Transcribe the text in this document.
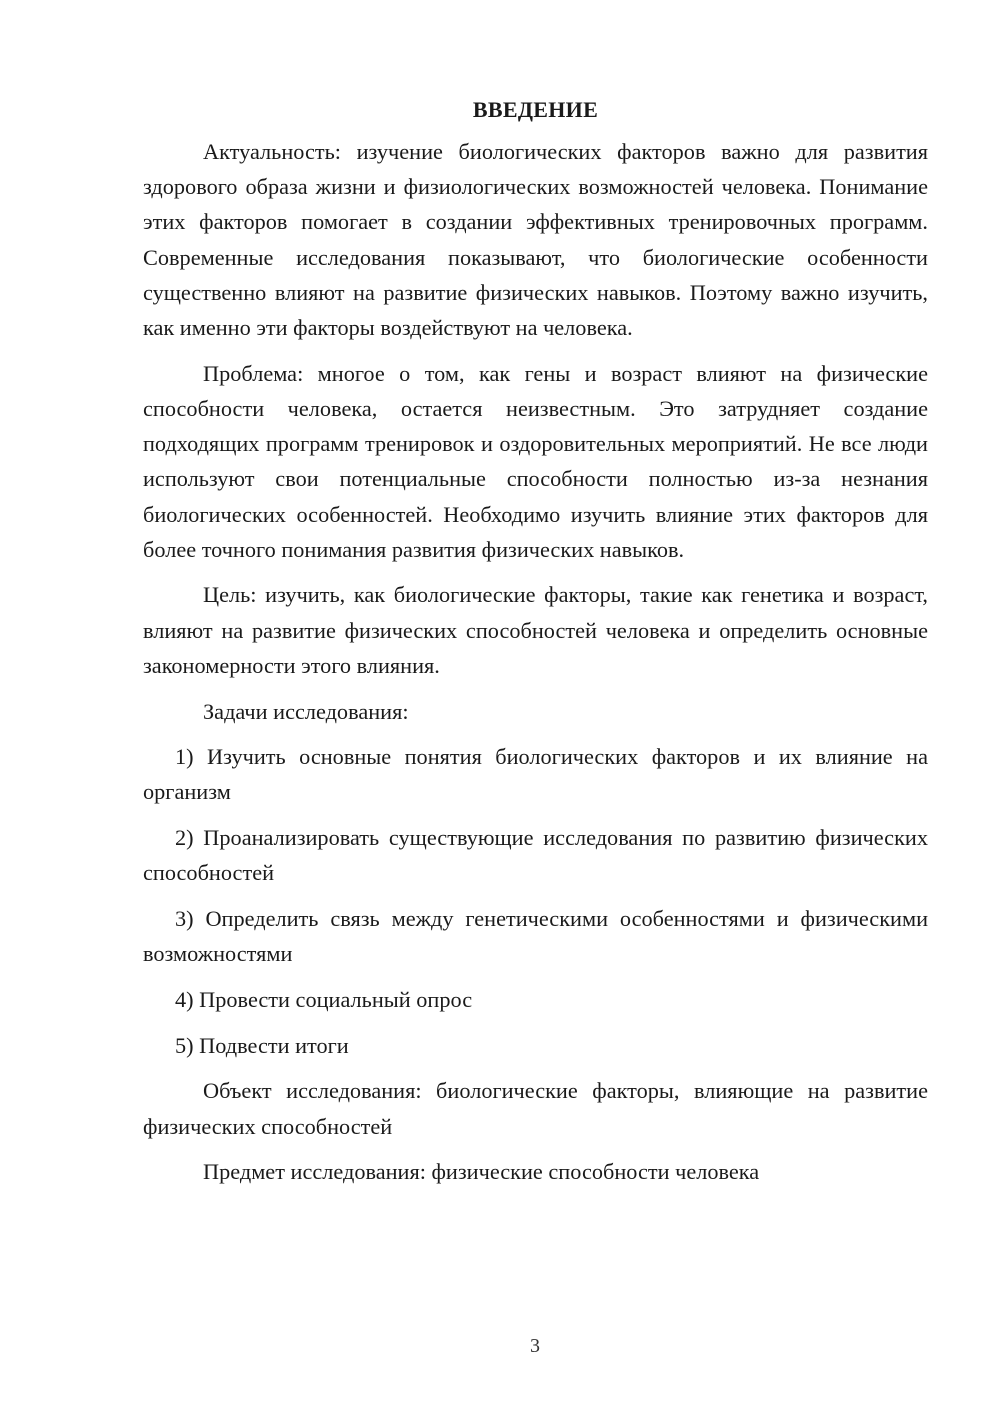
ВВЕДЕНИЕ

Актуальность: изучение биологических факторов важно для развития здорового образа жизни и физиологических возможностей человека. Понимание этих факторов помогает в создании эффективных тренировочных программ. Современные исследования показывают, что биологические особенности существенно влияют на развитие физических навыков. Поэтому важно изучить, как именно эти факторы воздействуют на человека.

Проблема: многое о том, как гены и возраст влияют на физические способности человека, остается неизвестным. Это затрудняет создание подходящих программ тренировок и оздоровительных мероприятий. Не все люди используют свои потенциальные способности полностью из-за незнания биологических особенностей. Необходимо изучить влияние этих факторов для более точного понимания развития физических навыков.

Цель: изучить, как биологические факторы, такие как генетика и возраст, влияют на развитие физических способностей человека и определить основные закономерности этого влияния.

Задачи исследования:

1) Изучить основные понятия биологических факторов и их влияние на организм

2) Проанализировать существующие исследования по развитию физических способностей

3) Определить связь между генетическими особенностями и физическими возможностями

4) Провести социальный опрос

5) Подвести итоги

Объект исследования: биологические факторы, влияющие на развитие физических способностей

Предмет исследования: физические способности человека

3
